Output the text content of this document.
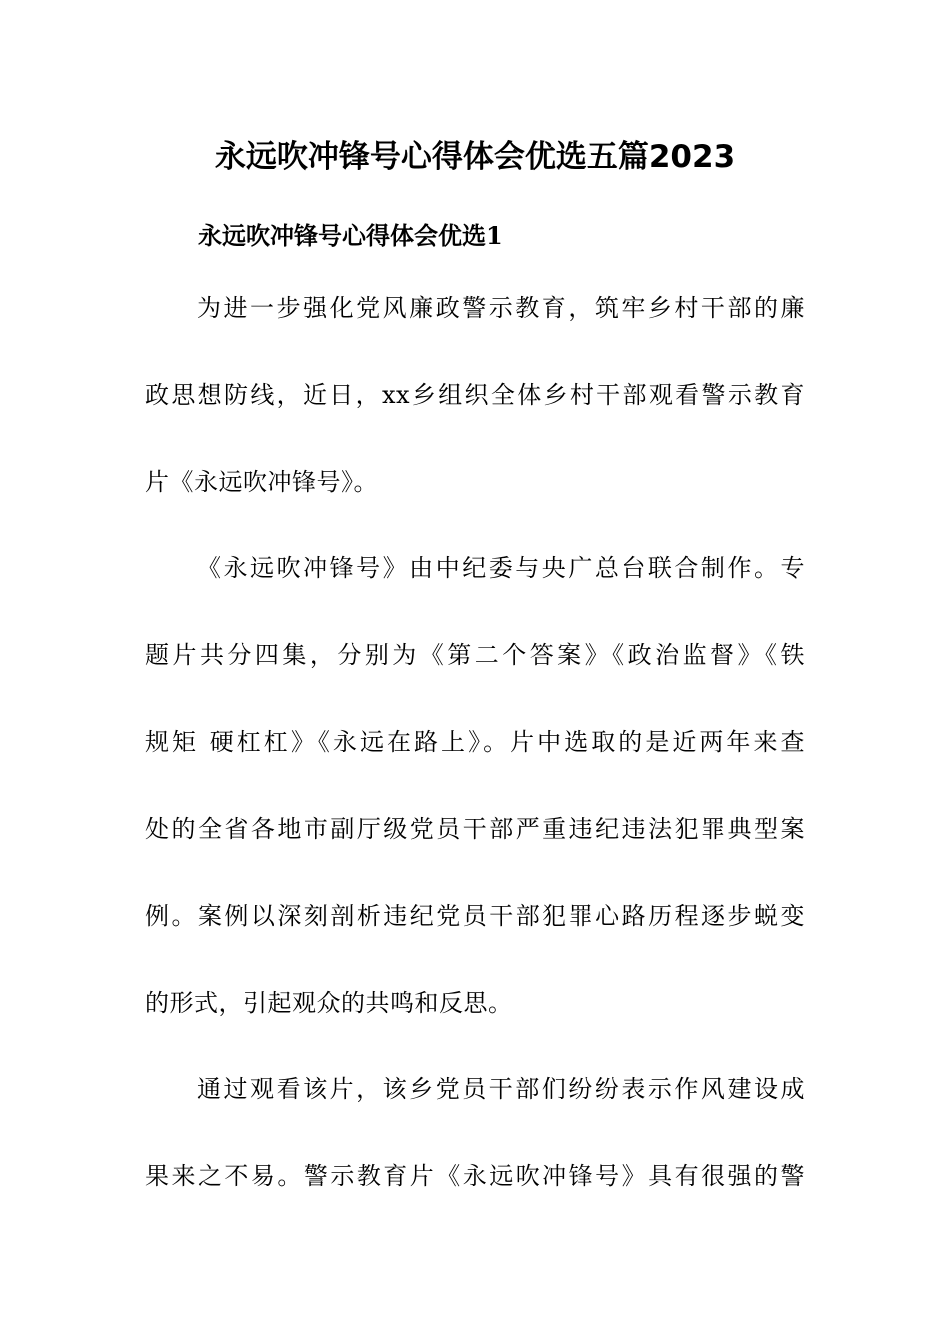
永远吹冲锋号心得体会优选五篇2023
永远吹冲锋号心得体会优选1
为进一步强化党风廉政警示教育，筑牢乡村干部的廉
政思想防线，近日，xx乡组织全体乡村干部观看警示教育
片《永远吹冲锋号》。
《永远吹冲锋号》由中纪委与央广总台联合制作。专
题片共分四集，分别为《第二个答案》《政治监督》《铁
规矩 硬杠杠》《永远在路上》。片中选取的是近两年来查
处的全省各地市副厅级党员干部严重违纪违法犯罪典型案
例。案例以深刻剖析违纪党员干部犯罪心路历程逐步蜕变
的形式，引起观众的共鸣和反思。
通过观看该片，该乡党员干部们纷纷表示作风建设成
果来之不易。警示教育片《永远吹冲锋号》具有很强的警
